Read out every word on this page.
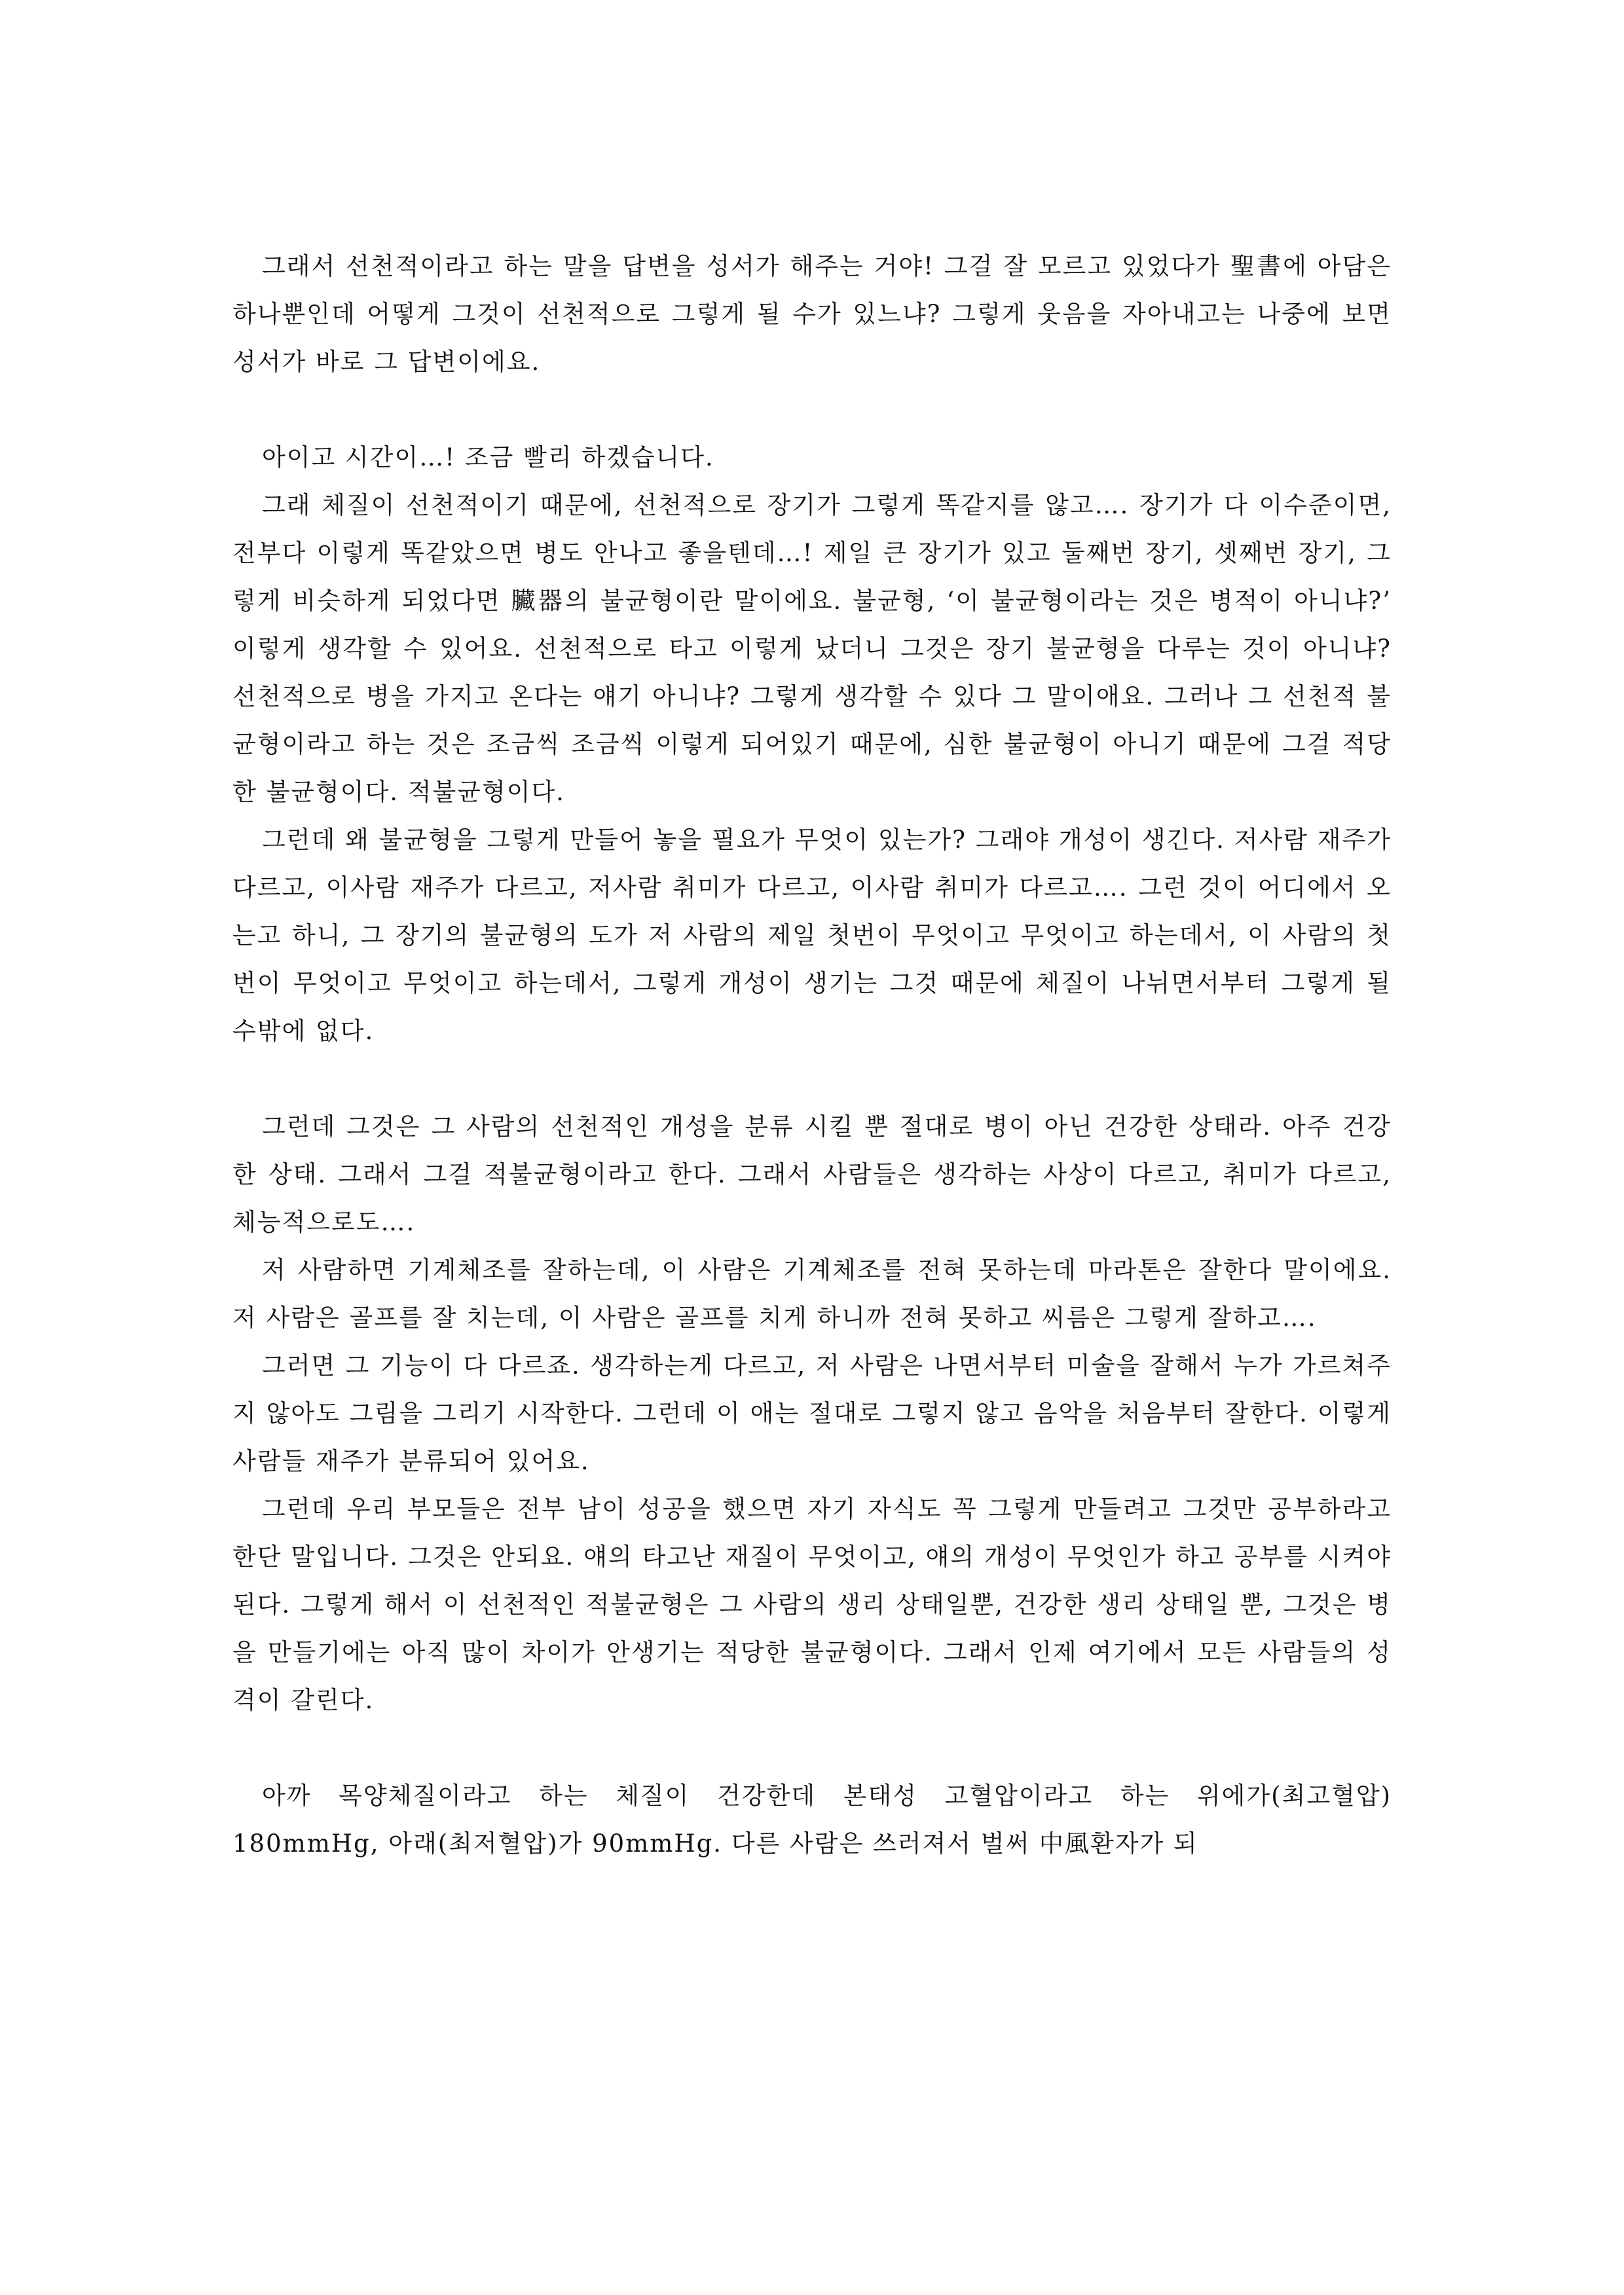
그래서 선천적이라고 하는 말을 답변을 성서가 해주는 거야! 그걸 잘 모르고 있었다가 聖書에 아담은 하나뿐인데 어떻게 그것이 선천적으로 그렇게 될 수가 있느냐? 그렇게 웃음을 자아내고는 나중에 보면 성서가 바로 그 답변이에요.

아이고 시간이…! 조금 빨리 하겠습니다.

그래 체질이 선천적이기 때문에, 선천적으로 장기가 그렇게 똑같지를 않고…. 장기가 다 이수준이면, 전부다 이렇게 똑같았으면 병도 안나고 좋을텐데…! 제일 큰 장기가 있고 둘째번 장기, 셋째번 장기, 그렇게 비슷하게 되었다면 臟器의 불균형이란 말이에요. 불균형, ‘이 불균형이라는 것은 병적이 아니냐?’ 이렇게 생각할 수 있어요. 선천적으로 타고 이렇게 났더니 그것은 장기 불균형을 다루는 것이 아니냐? 선천적으로 병을 가지고 온다는 얘기 아니냐? 그렇게 생각할 수 있다 그 말이애요. 그러나 그 선천적 불균형이라고 하는 것은 조금씩 조금씩 이렇게 되어있기 때문에, 심한 불균형이 아니기 때문에 그걸 적당한 불균형이다. 적불균형이다.

그런데 왜 불균형을 그렇게 만들어 놓을 필요가 무엇이 있는가? 그래야 개성이 생긴다. 저사람 재주가 다르고, 이사람 재주가 다르고, 저사람 취미가 다르고, 이사람 취미가 다르고…. 그런 것이 어디에서 오는고 하니, 그 장기의 불균형의 도가 저 사람의 제일 첫번이 무엇이고 무엇이고 하는데서, 이 사람의 첫 번이 무엇이고 무엇이고 하는데서, 그렇게 개성이 생기는 그것 때문에 체질이 나뉘면서부터 그렇게 될 수밖에 없다.

그런데 그것은 그 사람의 선천적인 개성을 분류 시킬 뿐 절대로 병이 아닌 건강한 상태라. 아주 건강한 상태. 그래서 그걸 적불균형이라고 한다. 그래서 사람들은 생각하는 사상이 다르고, 취미가 다르고, 체능적으로도….

저 사람하면 기계체조를 잘하는데, 이 사람은 기계체조를 전혀 못하는데 마라톤은 잘한다 말이에요. 저 사람은 골프를 잘 치는데, 이 사람은 골프를 치게 하니까 전혀 못하고 씨름은 그렇게 잘하고….

그러면 그 기능이 다 다르죠. 생각하는게 다르고, 저 사람은 나면서부터 미술을 잘해서 누가 가르쳐주지 않아도 그림을 그리기 시작한다. 그런데 이 애는 절대로 그렇지 않고 음악을 처음부터 잘한다. 이렇게 사람들 재주가 분류되어 있어요.

그런데 우리 부모들은 전부 남이 성공을 했으면 자기 자식도 꼭 그렇게 만들려고 그것만 공부하라고 한단 말입니다. 그것은 안되요. 얘의 타고난 재질이 무엇이고, 얘의 개성이 무엇인가 하고 공부를 시켜야 된다. 그렇게 해서 이 선천적인 적불균형은 그 사람의 생리 상태일뿐, 건강한 생리 상태일 뿐, 그것은 병을 만들기에는 아직 많이 차이가 안생기는 적당한 불균형이다. 그래서 인제 여기에서 모든 사람들의 성격이 갈린다.

아까 목양체질이라고 하는 체질이 건강한데 본태성 고혈압이라고 하는 위에가(최고혈압) 180mmHg, 아래(최저혈압)가 90mmHg. 다른 사람은 쓰러져서 벌써 中風환자가 되
